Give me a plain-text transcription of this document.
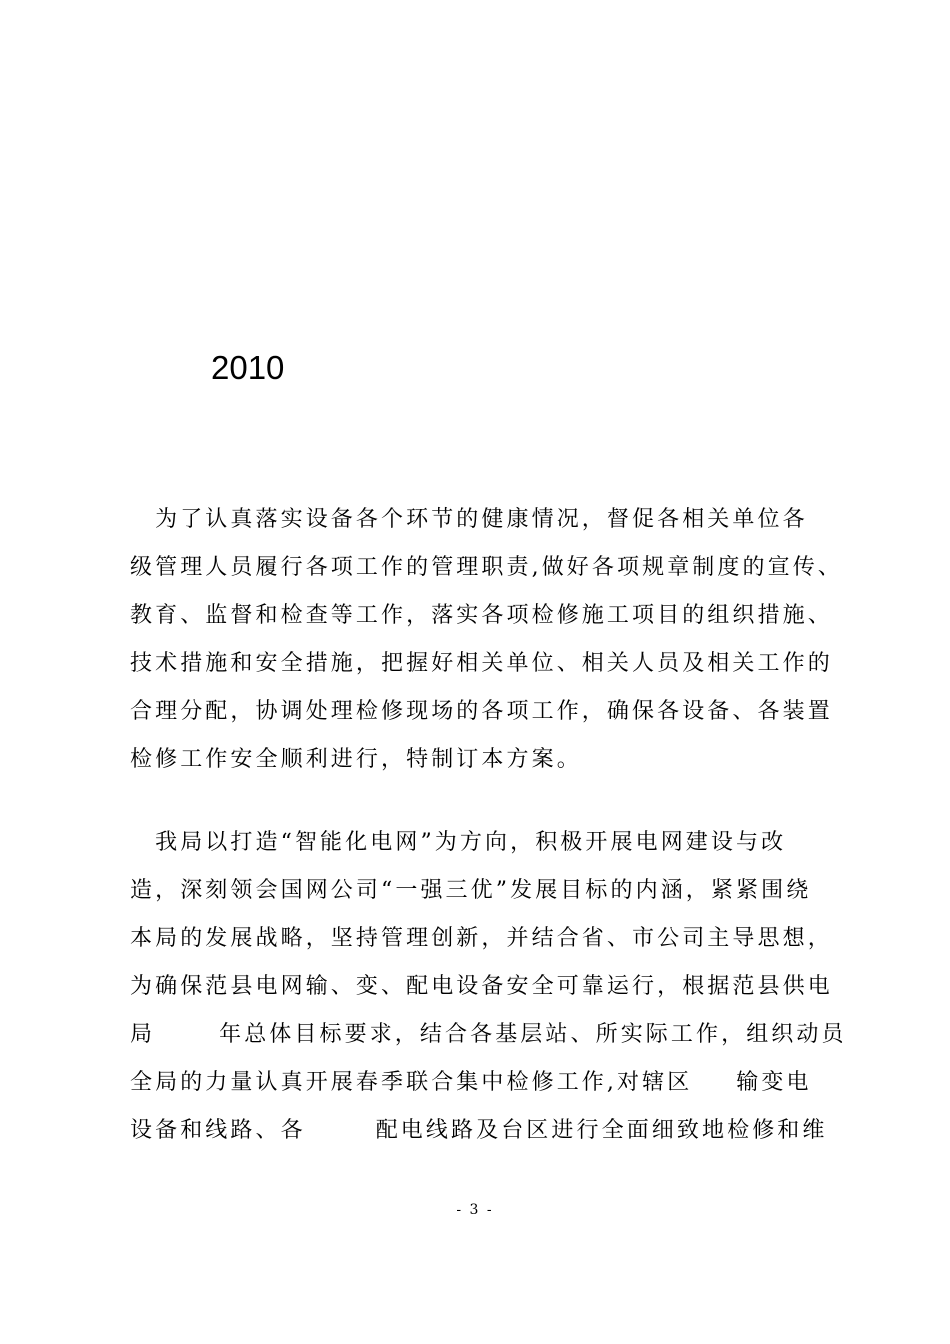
2010
　为了认真落实设备各个环节的健康情况，督促各相关单位各
级管理人员履行各项工作的管理职责,做好各项规章制度的宣传、
教育、监督和检查等工作，落实各项检修施工项目的组织措施、
技术措施和安全措施，把握好相关单位、相关人员及相关工作的
合理分配，协调处理检修现场的各项工作，确保各设备、各装置
检修工作安全顺利进行，特制订本方案。
　我局以打造“智能化电网”为方向，积极开展电网建设与改
造，深刻领会国网公司“一强三优”发展目标的内涵，紧紧围绕
本局的发展战略，坚持管理创新，并结合省、市公司主导思想，
为确保范县电网输、变、配电设备安全可靠运行，根据范县供电
局	年总体目标要求，结合各基层站、所实际工作，组织动员
全局的力量认真开展春季联合集中检修工作,对辖区 输变电
设备和线路、各	配电线路及台区进行全面细致地检修和维
- 3 -
